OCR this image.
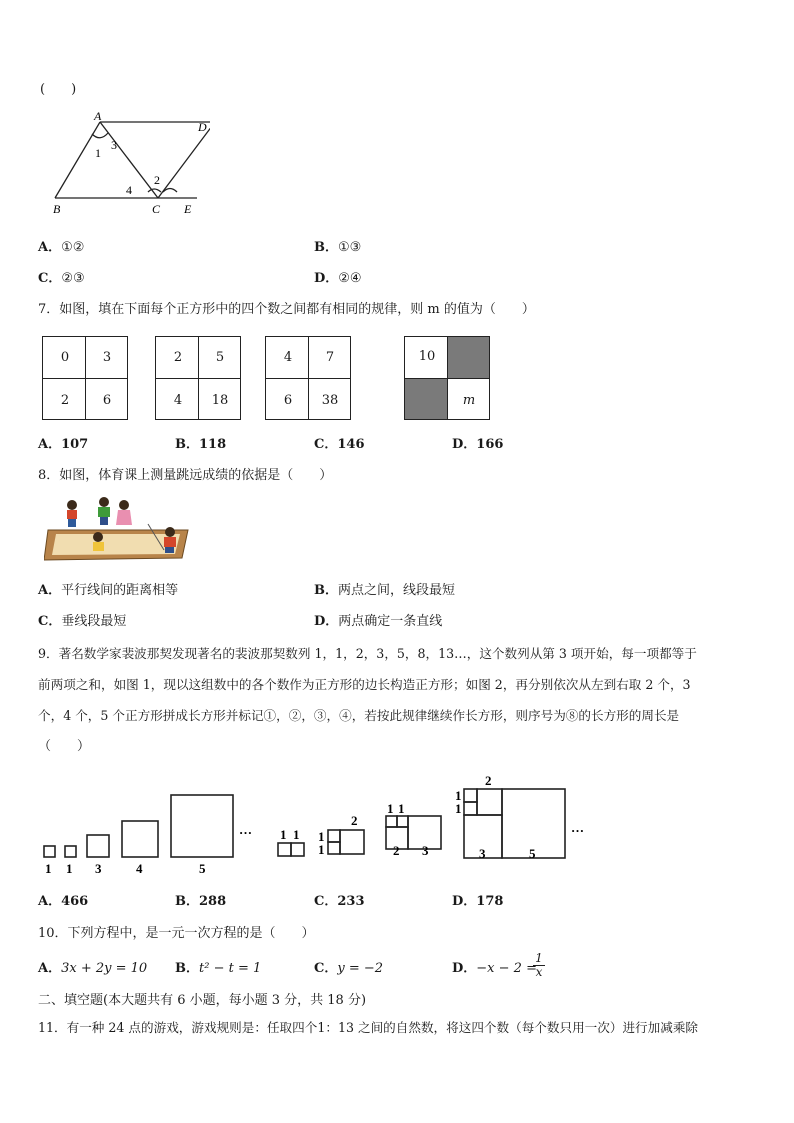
(　　)
A
D
1
3
2
4
B	C E
A．①②	B．①③
C．②③	D．②④
7．如图，填在下面每个正方形中的四个数之间都有相同的规律，则 m 的值为（　　）
0	3
2	6
2	5
4	18
4	7
6	38
10
m
A．107	B．118	C．146	D．166
8．如图，体育课上测量跳远成绩的依据是（　　）
A．平行线间的距离相等	B．两点之间，线段最短
C．垂线段最短	D．两点确定一条直线
9．著名数学家裴波那契发现著名的裴波那契数列 1，1，2，3，5，8，13…，这个数列从第 3 项开始，每一项都等于
前两项之和，如图 1，现以这组数中的各个数作为正方形的边长构造正方形；如图 2，再分别依次从左到右取 2 个，3
个，4 个，5 个正方形拼成长方形并标记①，②，③，④，若按此规律继续作长方形，则序号为⑧的长方形的周长是
（　　）
1 1 3	4	5
… 1 1 1
1
2
1 1
2 3
2
1
1
3	5
…
A．466	B．288	C．233	D．178
10．下列方程中，是一元一次方程的是（　　）
A．3x + 2y = 10 B．t² − t = 1	C．y = −2	D．−x − 2 =
1
x
二、填空题(本大题共有 6 小题，每小题 3 分，共 18 分)
11．有一种 24 点的游戏，游戏规则是：任取四个1：13 之间的自然数，将这四个数（每个数只用一次）进行加减乘除
